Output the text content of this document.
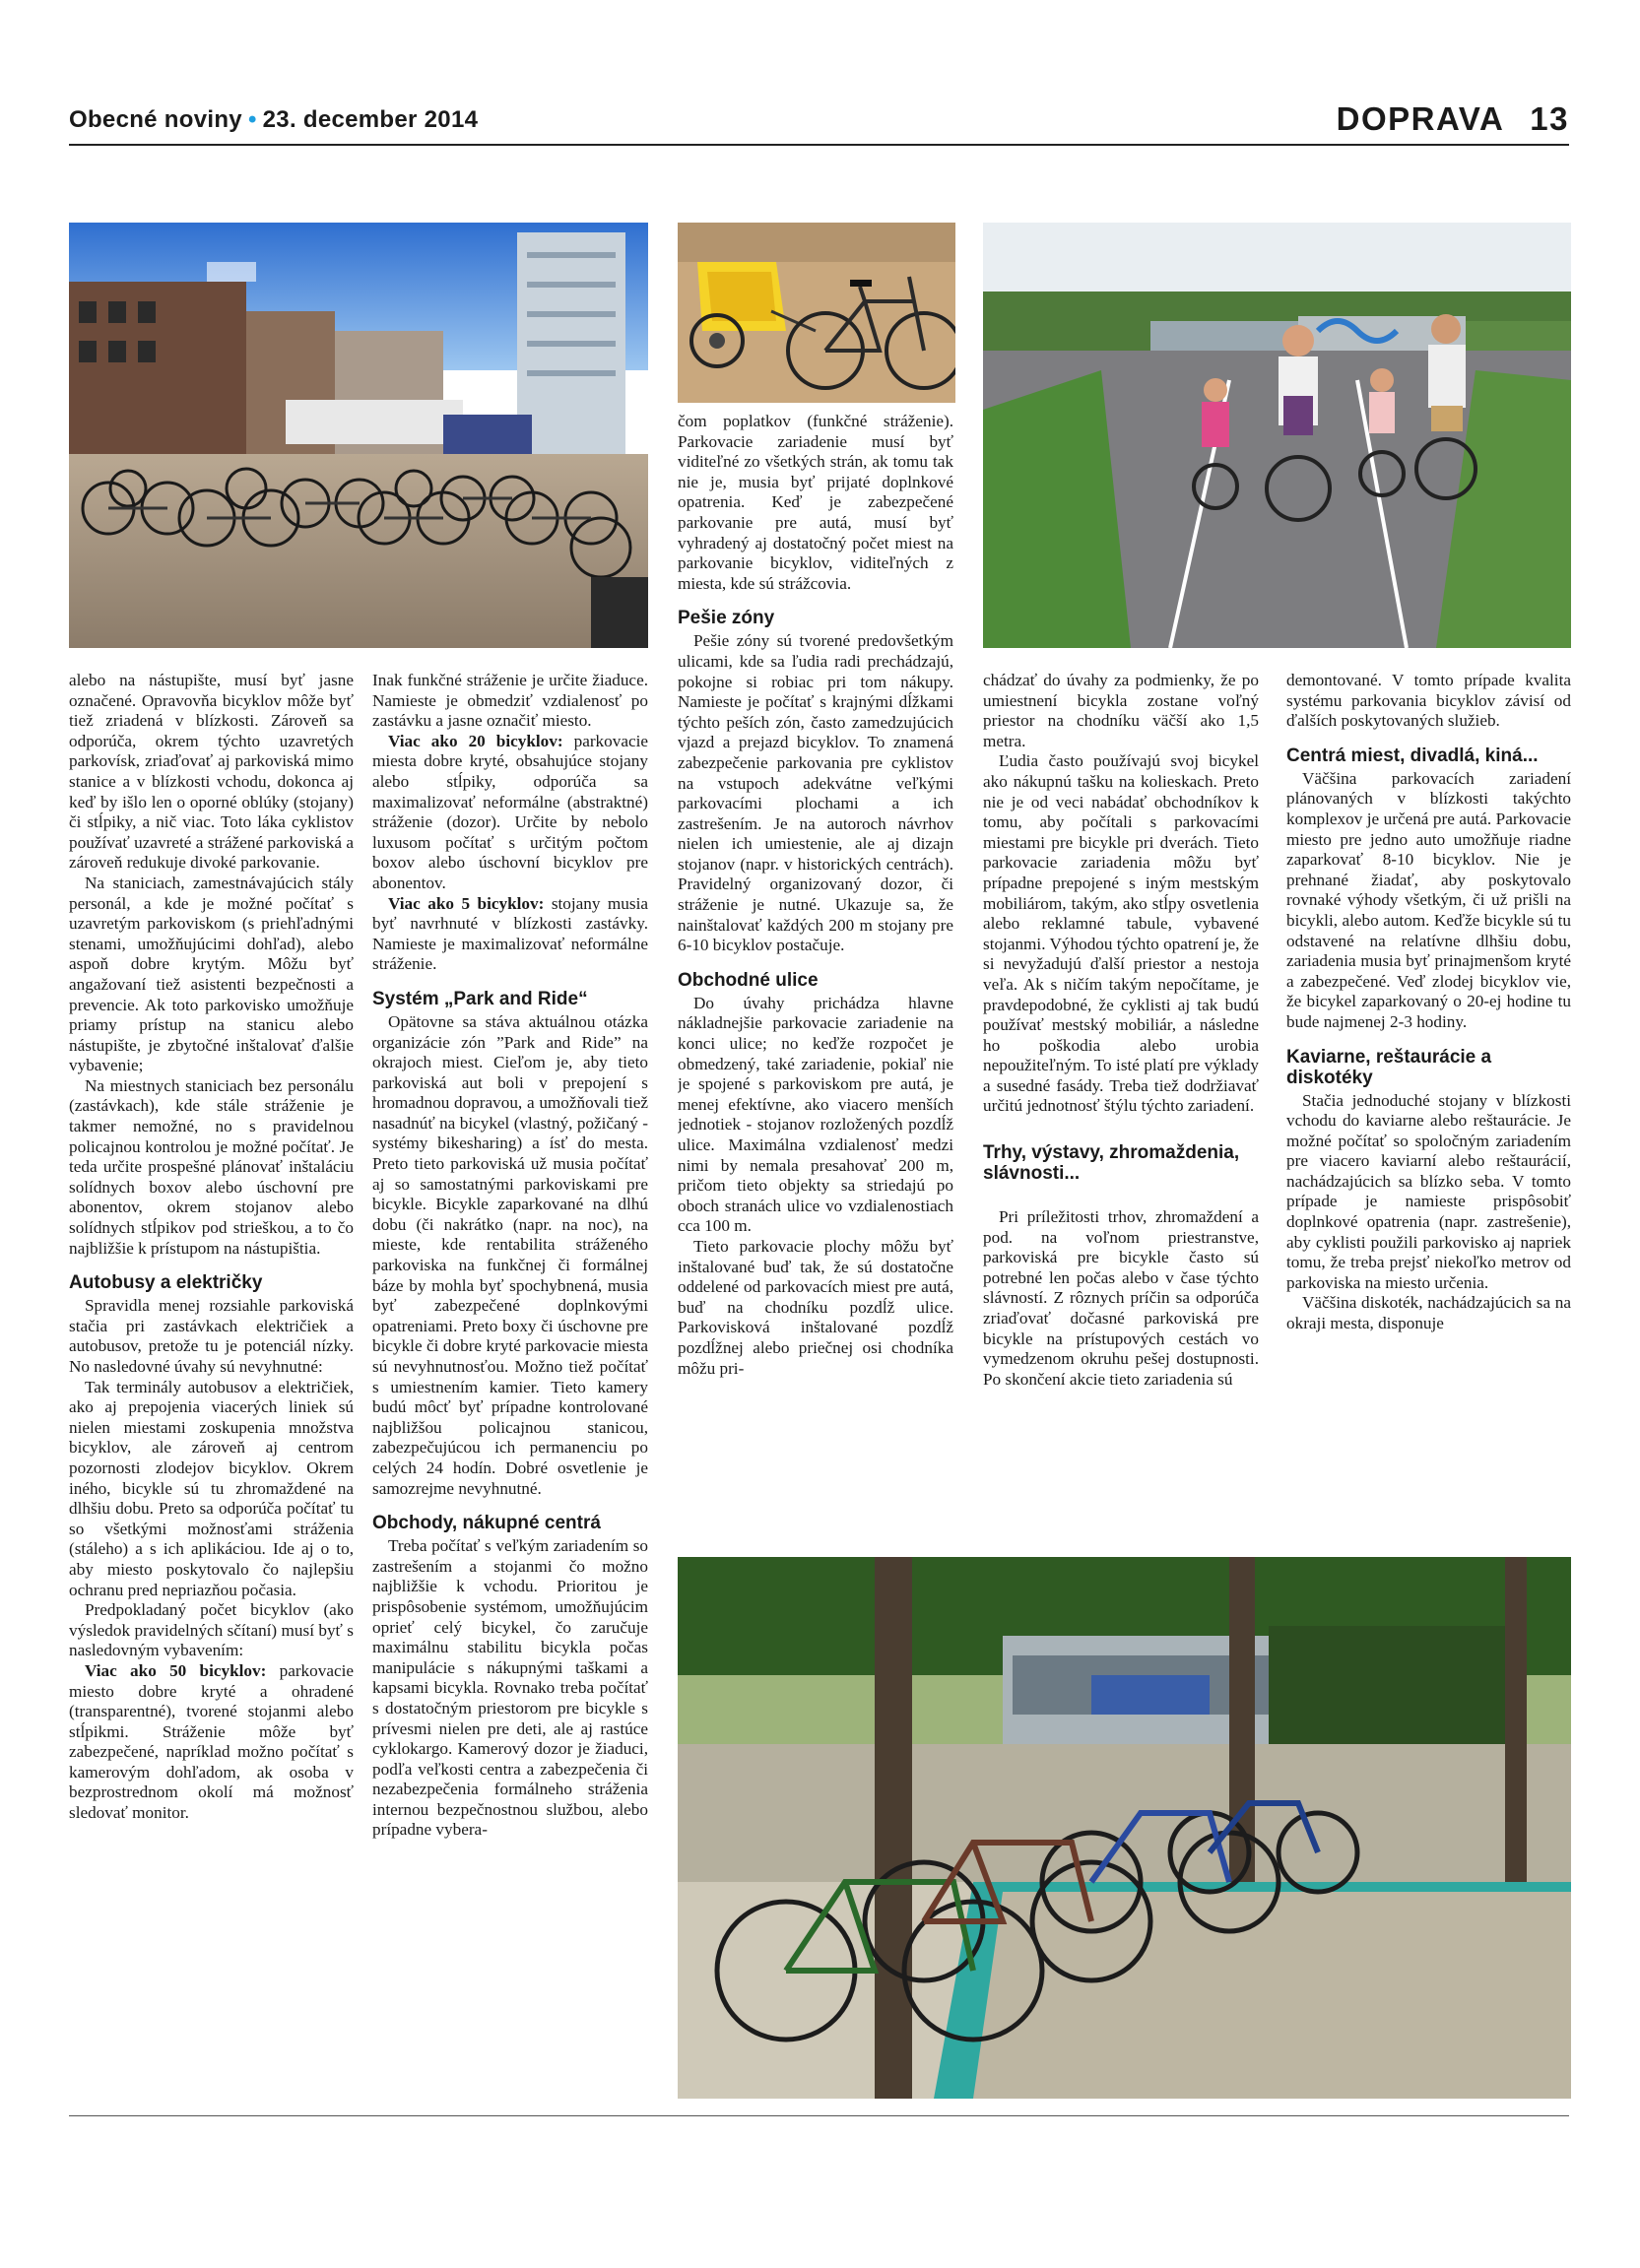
Obecné noviny • 23. december 2014	DOPRAVA 13

alebo na nástupište, musí byť jasne označené. Opravovňa bicyklov môže byť tiež zriadená v blízkosti. Zároveň sa odporúča, okrem týchto uzavretých parkovísk, zriaďovať aj parkoviská mimo stanice a v blízkosti vchodu, dokonca aj keď by išlo len o oporné oblúky (stojany) či stĺpiky, a nič viac. Toto láka cyklistov používať uzavreté a strážené parkoviská a zároveň redukuje divoké parkovanie.

Na staniciach, zamestnávajúcich stály personál, a kde je možné počítať s uzavretým parkoviskom (s priehľadnými stenami, umožňujúcimi dohľad), alebo aspoň dobre krytým. Môžu byť angažovaní tiež asistenti bezpečnosti a prevencie. Ak toto parkovisko umožňuje priamy prístup na stanicu alebo nástupište, je zbytočné inštalovať ďalšie vybavenie;

Na miestnych staniciach bez personálu (zastávkach), kde stále stráženie je takmer nemožné, no s pravidelnou policajnou kontrolou je možné počítať. Je teda určite prospešné plánovať inštaláciu solídnych boxov alebo úschovní pre abonentov, okrem stojanov alebo solídnych stĺpikov pod strieškou, a to čo najbližšie k prístupom na nástupištia.

Autobusy a električky

Spravidla menej rozsiahle parkoviská stačia pri zastávkach električiek a autobusov, pretože tu je potenciál nízky. No nasledovné úvahy sú nevyhnutné:

Tak terminály autobusov a električiek, ako aj prepojenia viacerých liniek sú nielen miestami zoskupenia množstva bicyklov, ale zároveň aj centrom pozornosti zlodejov bicyklov. Okrem iného, bicykle sú tu zhromaždené na dlhšiu dobu. Preto sa odporúča počítať tu so všetkými možnosťami stráženia (stáleho) a s ich aplikáciou. Ide aj o to, aby miesto poskytovalo čo najlepšiu ochranu pred nepriazňou počasia.

Predpokladaný počet bicyklov (ako výsledok pravidelných sčítaní) musí byť s nasledovným vybavením:

Viac ako 50 bicyklov: parkovacie miesto dobre kryté a ohradené (transparentné), tvorené stojanmi alebo stĺpikmi. Stráženie môže byť zabezpečené, napríklad možno počítať s kamerovým dohľadom, ak osoba v bezprostrednom okolí má možnosť sledovať monitor.

Inak funkčné stráženie je určite žiaduce. Namieste je obmedziť vzdialenosť po zastávku a jasne označiť miesto.

Viac ako 20 bicyklov: parkovacie miesta dobre kryté, obsahujúce stojany alebo stĺpiky, odporúča sa maximalizovať neformálne (abstraktné) stráženie (dozor). Určite by nebolo luxusom počítať s určitým počtom boxov alebo úschovní bicyklov pre abonentov.

Viac ako 5 bicyklov: stojany musia byť navrhnuté v blízkosti zastávky. Namieste je maximalizovať neformálne stráženie.

Systém „Park and Ride“

Opätovne sa stáva aktuálnou otázka organizácie zón ”Park and Ride” na okrajoch miest. Cieľom je, aby tieto parkoviská aut boli v prepojení s hromadnou dopravou, a umožňovali tiež nasadnúť na bicykel (vlastný, požičaný - systémy bikesharing) a ísť do mesta. Preto tieto parkoviská už musia počítať aj so samostatnými parkoviskami pre bicykle. Bicykle zaparkované na dlhú dobu (či nakrátko (napr. na noc), na mieste, kde rentabilita stráženého parkoviska na funkčnej či formálnej báze by mohla byť spochybnená, musia byť zabezpečené doplnkovými opatreniami. Preto boxy či úschovne pre bicykle či dobre kryté parkovacie miesta sú nevyhnutnosťou. Možno tiež počítať s umiestnením kamier. Tieto kamery budú môcť byť prípadne kontrolované najbližšou policajnou stanicou, zabezpečujúcou ich permanenciu po celých 24 hodín. Dobré osvetlenie je samozrejme nevyhnutné.

Obchody, nákupné centrá

Treba počítať s veľkým zariadením so zastrešením a stojanmi čo možno najbližšie k vchodu. Prioritou je prispôsobenie systémom, umožňujúcim oprieť celý bicykel, čo zaručuje maximálnu stabilitu bicykla počas manipulácie s nákupnými taškami a kapsami bicykla. Rovnako treba počítať s dostatočným priestorom pre bicykle s prívesmi nielen pre deti, ale aj rastúce cyklokargo. Kamerový dozor je žiaduci, podľa veľkosti centra a zabezpečenia či nezabezpečenia formálneho stráženia internou bezpečnostnou službou, alebo prípadne vybera-

čom poplatkov (funkčné stráženie). Parkovacie zariadenie musí byť viditeľné zo všetkých strán, ak tomu tak nie je, musia byť prijaté doplnkové opatrenia. Keď je zabezpečené parkovanie pre autá, musí byť vyhradený aj dostatočný počet miest na parkovanie bicyklov, viditeľných z miesta, kde sú strážcovia.

Pešie zóny

Pešie zóny sú tvorené predovšetkým ulicami, kde sa ľudia radi prechádzajú, pokojne si robiac pri tom nákupy. Namieste je počítať s krajnými dĺžkami týchto peších zón, často zamedzujúcich vjazd a prejazd bicyklov. To znamená zabezpečenie parkovania pre cyklistov na vstupoch adekvátne veľkými parkovacími plochami a ich zastrešením. Je na autoroch návrhov nielen ich umiestenie, ale aj dizajn stojanov (napr. v historických centrách). Pravidelný organizovaný dozor, či stráženie je nutné. Ukazuje sa, že nainštalovať každých 200 m stojany pre 6-10 bicyklov postačuje.

Obchodné ulice

Do úvahy prichádza hlavne nákladnejšie parkovacie zariadenie na konci ulice; no keďže rozpočet je obmedzený, také zariadenie, pokiaľ nie je spojené s parkoviskom pre autá, je menej efektívne, ako viacero menších jednotiek - stojanov rozložených pozdĺž ulice. Maximálna vzdialenosť medzi nimi by nemala presahovať 200 m, pričom tieto objekty sa striedajú po oboch stranách ulice vo vzdialenostiach cca 100 m.

Tieto parkovacie plochy môžu byť inštalované buď tak, že sú dostatočne oddelené od parkovacích miest pre autá, buď na chodníku pozdĺž ulice. Parkovisková inštalované pozdĺž pozdĺžnej alebo priečnej osi chodníka môžu pri-

chádzať do úvahy za podmienky, že po umiestnení bicykla zostane voľný priestor na chodníku väčší ako 1,5 metra.

Ľudia často používajú svoj bicykel ako nákupnú tašku na kolieskach. Preto nie je od veci nabádať obchodníkov k tomu, aby počítali s parkovacími miestami pre bicykle pri dverách. Tieto parkovacie zariadenia môžu byť prípadne prepojené s iným mestským mobiliárom, takým, ako stĺpy osvetlenia alebo reklamné tabule, vybavené stojanmi. Výhodou týchto opatrení je, že si nevyžadujú ďalší priestor a nestoja veľa. Ak s ničím takým nepočítame, je pravdepodobné, že cyklisti aj tak budú používať mestský mobiliár, a následne ho poškodia alebo urobia nepoužiteľným. To isté platí pre výklady a susedné fasády. Treba tiež dodržiavať určitú jednotnosť štýlu týchto zariadení.

Trhy, výstavy, zhromaždenia, slávnosti...

Pri príležitosti trhov, zhromaždení a pod. na voľnom priestranstve, parkoviská pre bicykle často sú potrebné len počas alebo v čase týchto slávností. Z rôznych príčin sa odporúča zriaďovať dočasné parkoviská pre bicykle na prístupových cestách vo vymedzenom okruhu pešej dostupnosti. Po skončení akcie tieto zariadenia sú

demontované. V tomto prípade kvalita systému parkovania bicyklov závisí od ďalších poskytovaných služieb.

Centrá miest, divadlá, kiná...

Väčšina parkovacích zariadení plánovaných v blízkosti takýchto komplexov je určená pre autá. Parkovacie miesto pre jedno auto umožňuje riadne zaparkovať 8-10 bicyklov. Nie je prehnané žiadať, aby poskytovalo rovnaké výhody všetkým, či už prišli na bicykli, alebo autom. Keďže bicykle sú tu odstavené na relatívne dlhšiu dobu, zariadenia musia byť prinajmenšom kryté a zabezpečené. Veď zlodej bicyklov vie, že bicykel zaparkovaný o 20-ej hodine tu bude najmenej 2-3 hodiny.

Kaviarne, reštaurácie a diskotéky

Stačia jednoduché stojany v blízkosti vchodu do kaviarne alebo reštaurácie. Je možné počítať so spoločným zariadením pre viacero kaviarní alebo reštaurácií, nachádzajúcich sa blízko seba. V tomto prípade je namieste prispôsobiť doplnkové opatrenia (napr. zastrešenie), aby cyklisti použili parkovisko aj napriek tomu, že treba prejsť niekoľko metrov od parkoviska na miesto určenia.

Väčšina diskoték, nachádzajúcich sa na okraji mesta, disponuje
